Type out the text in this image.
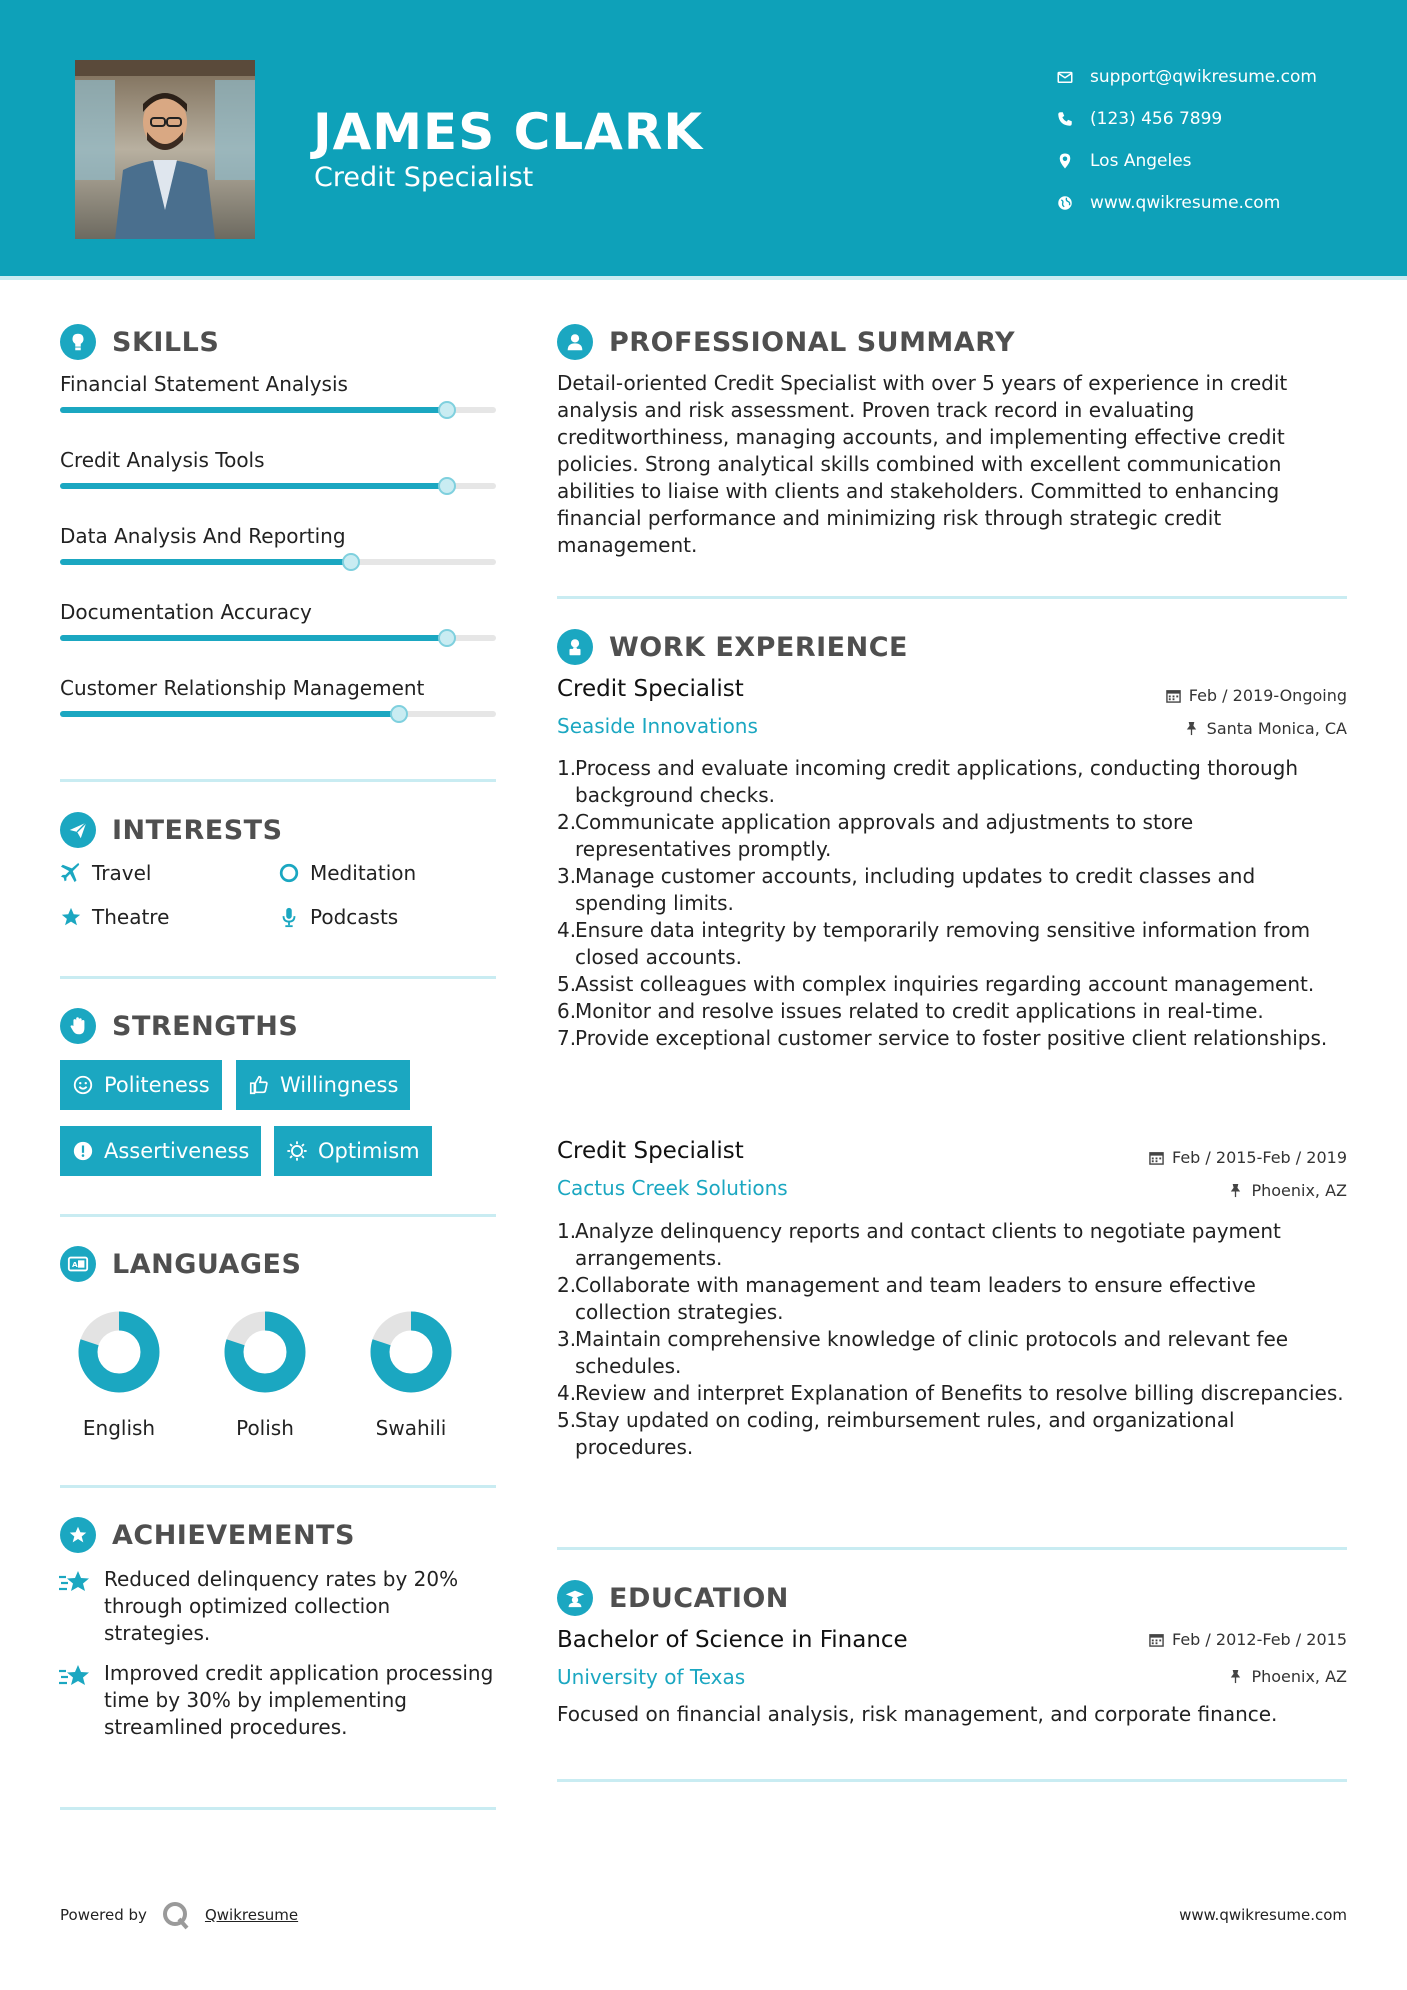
JAMES CLARK
Credit Specialist
support@qwikresume.com
(123) 456 7899
Los Angeles
www.qwikresume.com
SKILLS
Financial Statement Analysis
Credit Analysis Tools
Data Analysis And Reporting
Documentation Accuracy
Customer Relationship Management
INTERESTS
Travel	Meditation
Theatre	Podcasts
STRENGTHS
Politeness	Willingness
Assertiveness	Optimism
A LANGUAGES
English	Polish	Swahili
ACHIEVEMENTS
Reduced delinquency rates by 20% through optimized collection strategies.
Improved credit application processing time by 30% by implementing streamlined procedures.
PROFESSIONAL SUMMARY
Detail-oriented Credit Specialist with over 5 years of experience in credit analysis and risk assessment. Proven track record in evaluating creditworthiness, managing accounts, and implementing effective credit policies. Strong analytical skills combined with excellent communication abilities to liaise with clients and stakeholders. Committed to enhancing financial performance and minimizing risk through strategic credit management.
WORK EXPERIENCE
Credit Specialist	Feb / 2019-Ongoing
Seaside Innovations	Santa Monica, CA
1.
Process and evaluate incoming credit applications, conducting thorough background checks.
2.
Communicate application approvals and adjustments to store representatives promptly.
3.
Manage customer accounts, including updates to credit classes and spending limits.
4.
Ensure data integrity by temporarily removing sensitive information from closed accounts.
5.
Assist colleagues with complex inquiries regarding account management.
6.
Monitor and resolve issues related to credit applications in real-time.
7.
Provide exceptional customer service to foster positive client relationships.
Credit Specialist	Feb / 2015-Feb / 2019
Cactus Creek Solutions	Phoenix, AZ
1.
Analyze delinquency reports and contact clients to negotiate payment arrangements.
2.
Collaborate with management and team leaders to ensure effective collection strategies.
3.
Maintain comprehensive knowledge of clinic protocols and relevant fee schedules.
4.
Review and interpret Explanation of Benefits to resolve billing discrepancies.
5.
Stay updated on coding, reimbursement rules, and organizational procedures.
EDUCATION
Bachelor of Science in Finance	Feb / 2012-Feb / 2015
University of Texas	Phoenix, AZ
Focused on financial analysis, risk management, and corporate finance.
Powered by	Qwikresume	www.qwikresume.com
